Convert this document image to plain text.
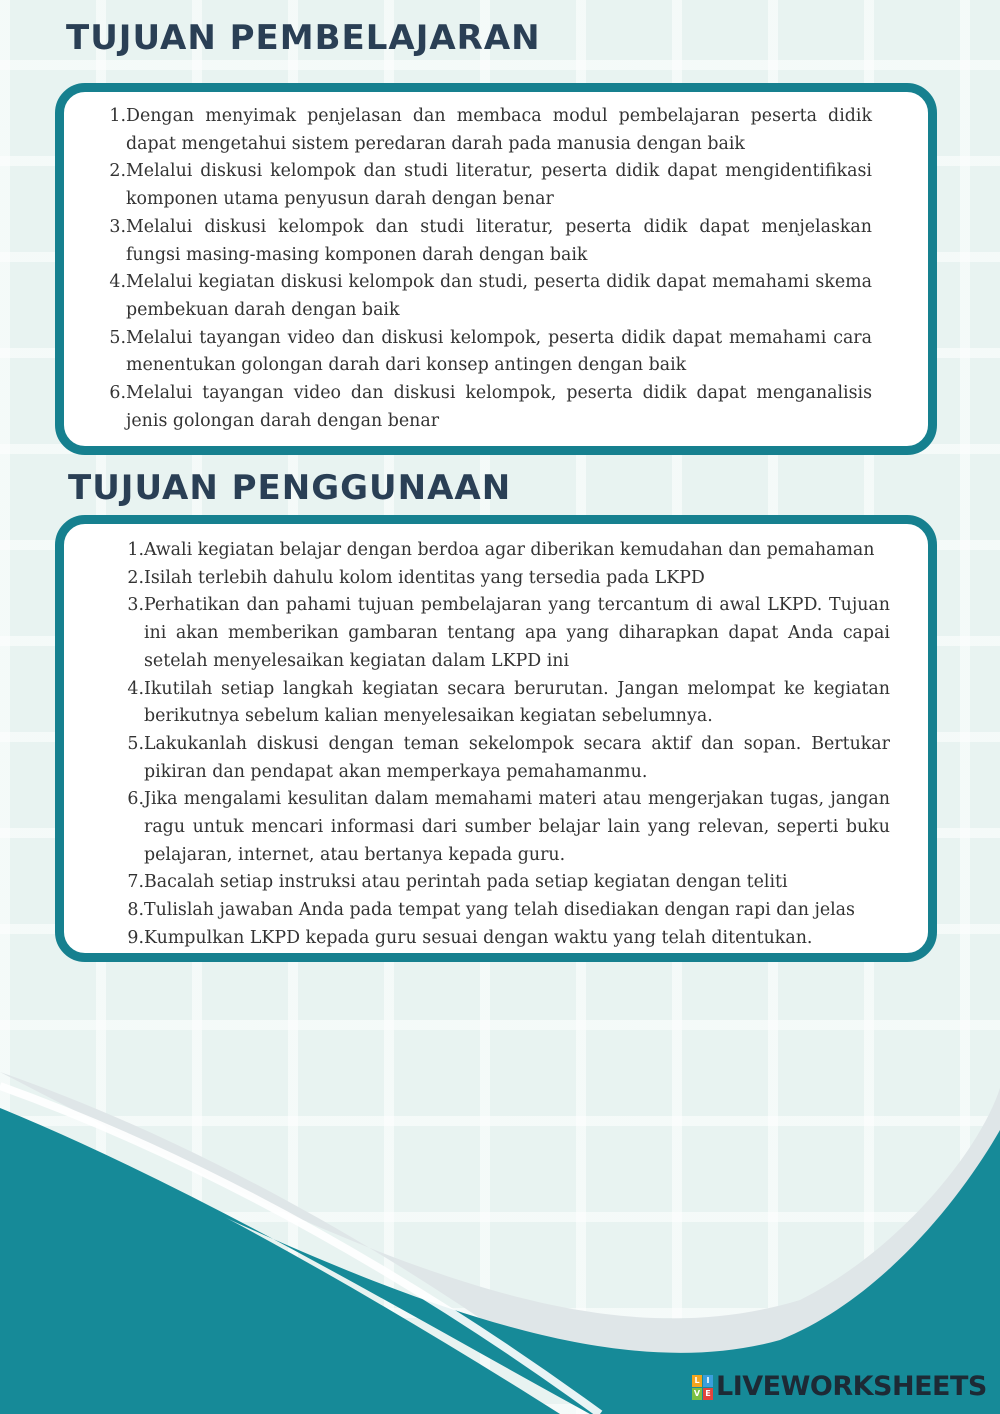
TUJUAN PEMBELAJARAN
1. Dengan menyimak penjelasan dan membaca modul pembelajaran peserta didik dapat mengetahui sistem peredaran darah pada manusia dengan baik
2. Melalui diskusi kelompok dan studi literatur, peserta didik dapat mengidentifikasi komponen utama penyusun darah dengan benar
3. Melalui diskusi kelompok dan studi literatur, peserta didik dapat menjelaskan fungsi masing-masing komponen darah dengan baik
4. Melalui kegiatan diskusi kelompok dan studi, peserta didik dapat memahami skema pembekuan darah dengan baik
5. Melalui tayangan video dan diskusi kelompok, peserta didik dapat memahami cara menentukan golongan darah dari konsep antingen dengan baik
6. Melalui tayangan video dan diskusi kelompok, peserta didik dapat menganalisis jenis golongan darah dengan benar
TUJUAN PENGGUNAAN
1. Awali kegiatan belajar dengan berdoa agar diberikan kemudahan dan pemahaman
2. Isilah terlebih dahulu kolom identitas yang tersedia pada LKPD
3. Perhatikan dan pahami tujuan pembelajaran yang tercantum di awal LKPD. Tujuan ini akan memberikan gambaran tentang apa yang diharapkan dapat Anda capai setelah menyelesaikan kegiatan dalam LKPD ini
4. Ikutilah setiap langkah kegiatan secara berurutan. Jangan melompat ke kegiatan berikutnya sebelum kalian menyelesaikan kegiatan sebelumnya.
5. Lakukanlah diskusi dengan teman sekelompok secara aktif dan sopan. Bertukar pikiran dan pendapat akan memperkaya pemahamanmu.
6. Jika mengalami kesulitan dalam memahami materi atau mengerjakan tugas, jangan ragu untuk mencari informasi dari sumber belajar lain yang relevan, seperti buku pelajaran, internet, atau bertanya kepada guru.
7. Bacalah setiap instruksi atau perintah pada setiap kegiatan dengan teliti
8. Tulislah jawaban Anda pada tempat yang telah disediakan dengan rapi dan jelas
9. Kumpulkan LKPD kepada guru sesuai dengan waktu yang telah ditentukan.
L I
V E LIVEWORKSHEETS
